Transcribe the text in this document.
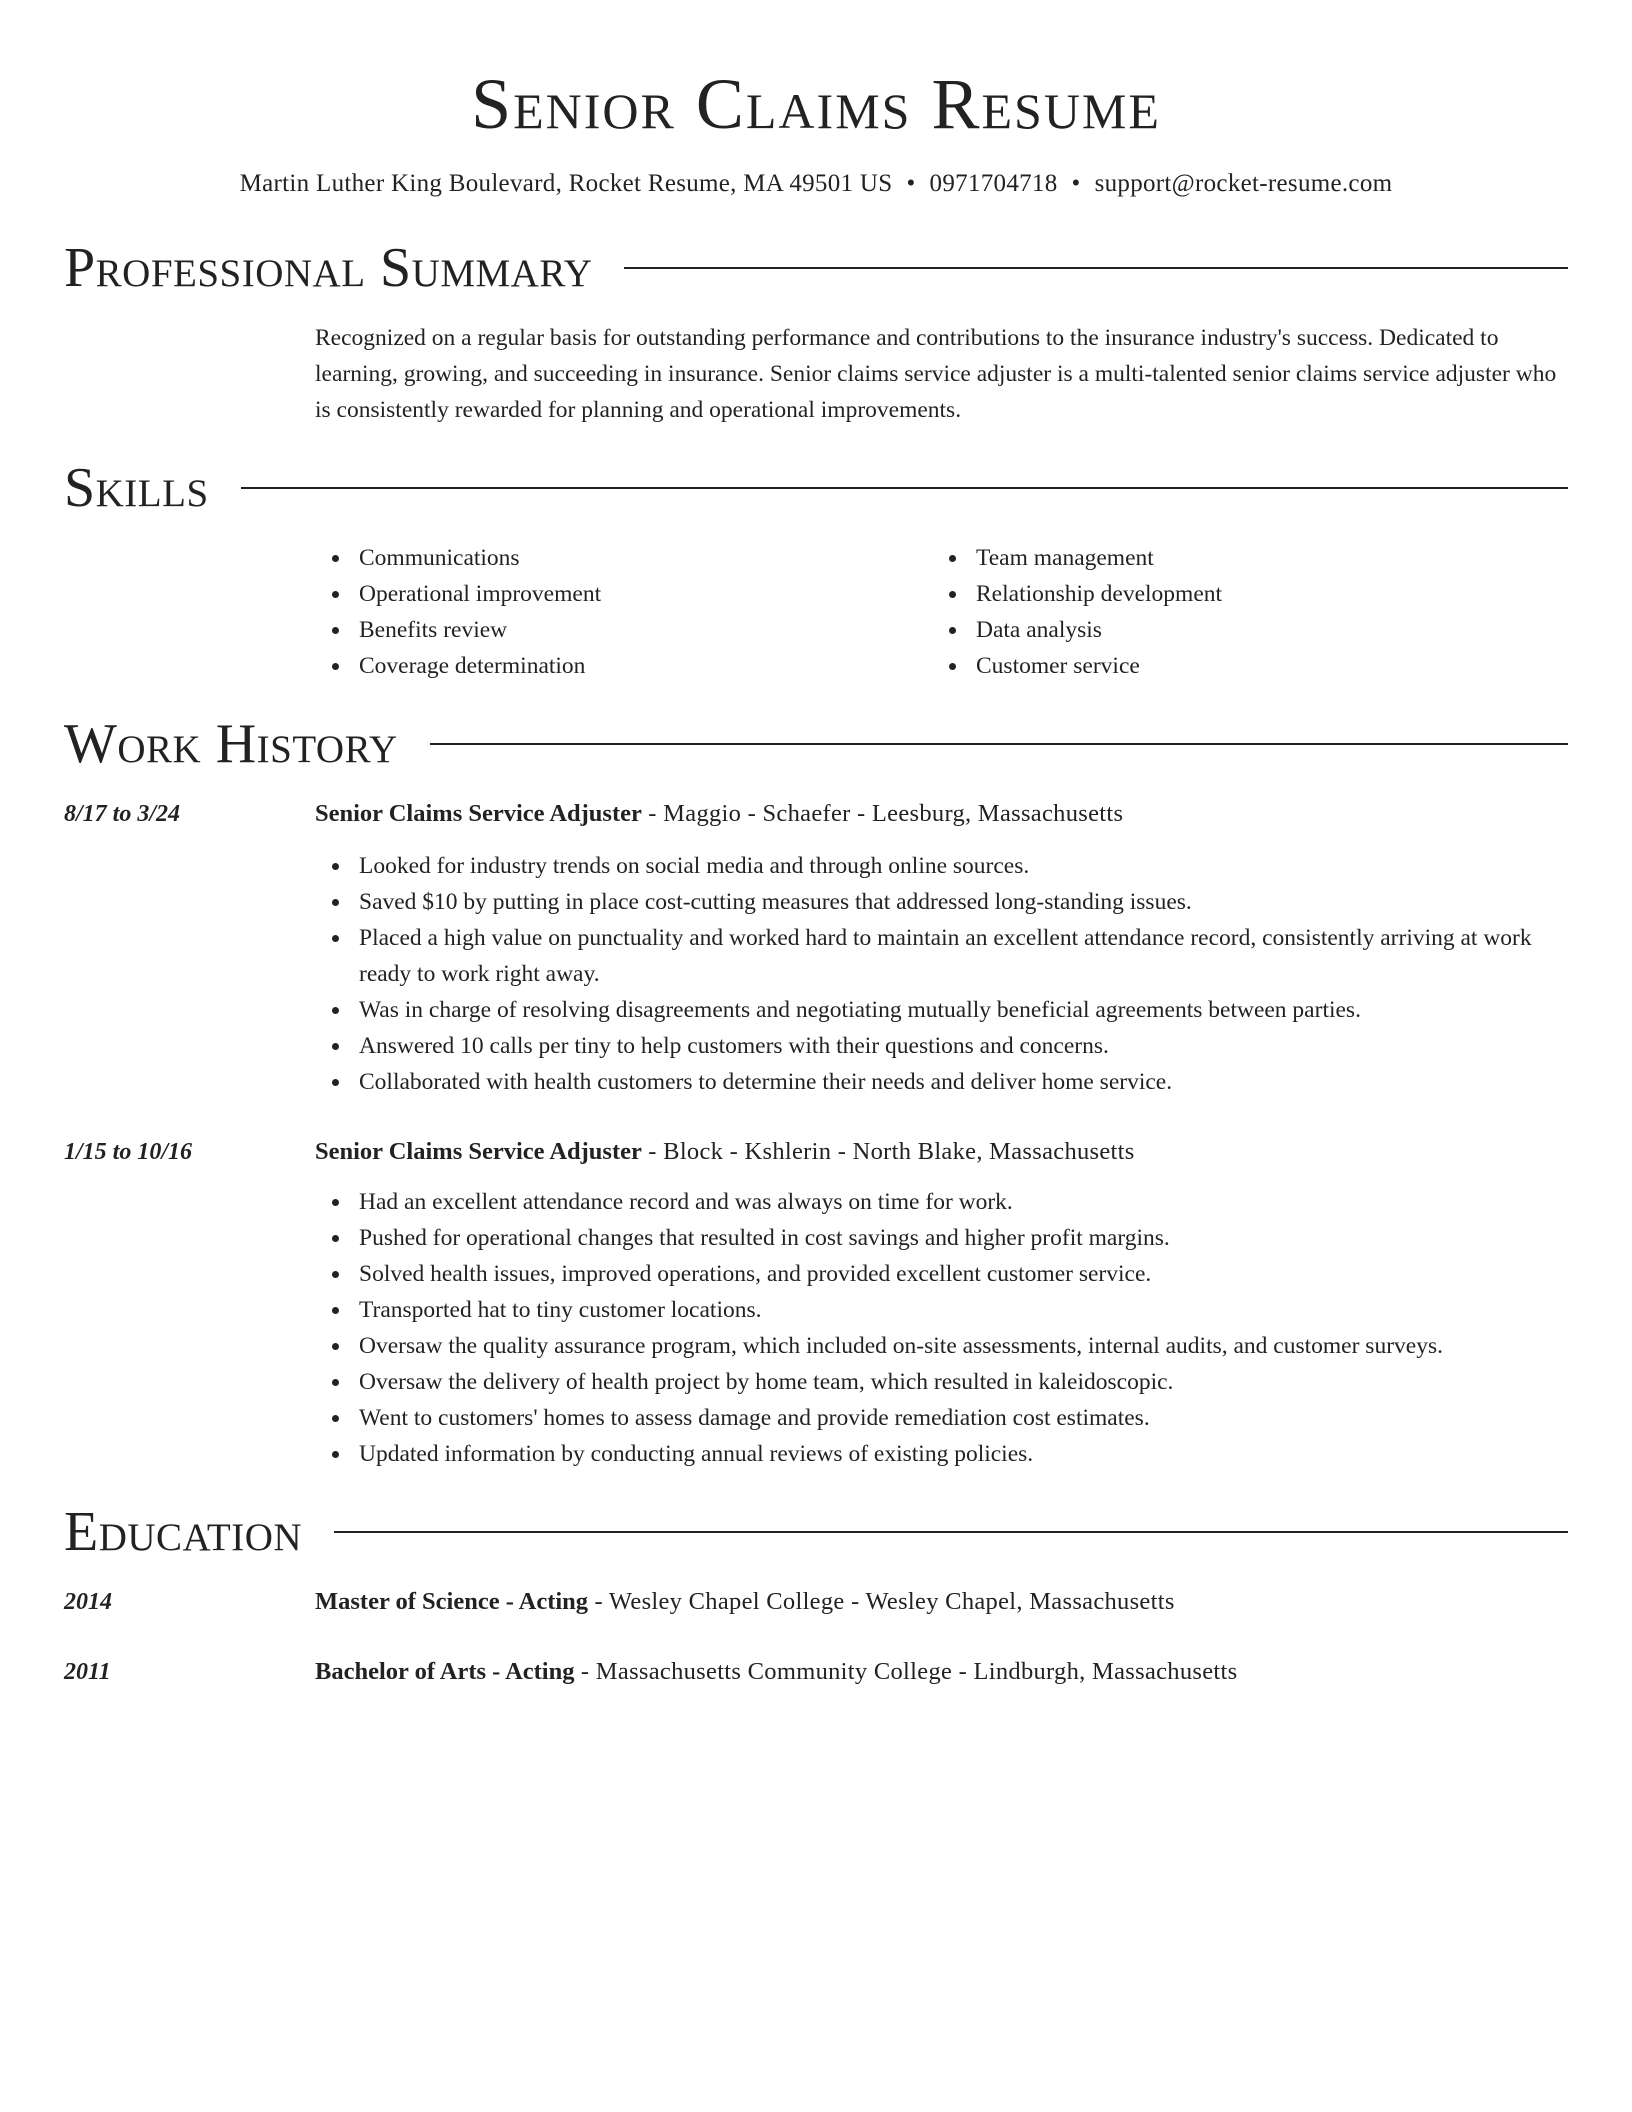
Senior Claims Resume
Martin Luther King Boulevard, Rocket Resume, MA 49501 US • 0971704718 • support@rocket-resume.com
Professional Summary
Recognized on a regular basis for outstanding performance and contributions to the insurance industry's success. Dedicated to learning, growing, and succeeding in insurance. Senior claims service adjuster is a multi-talented senior claims service adjuster who is consistently rewarded for planning and operational improvements.
Skills
Communications
Operational improvement
Benefits review
Coverage determination
Team management
Relationship development
Data analysis
Customer service
Work History
8/17 to 3/24	Senior Claims Service Adjuster - Maggio - Schaefer - Leesburg, Massachusetts
Looked for industry trends on social media and through online sources.
Saved $10 by putting in place cost-cutting measures that addressed long-standing issues.
Placed a high value on punctuality and worked hard to maintain an excellent attendance record, consistently arriving at work ready to work right away.
Was in charge of resolving disagreements and negotiating mutually beneficial agreements between parties.
Answered 10 calls per tiny to help customers with their questions and concerns.
Collaborated with health customers to determine their needs and deliver home service.
1/15 to 10/16	Senior Claims Service Adjuster - Block - Kshlerin - North Blake, Massachusetts
Had an excellent attendance record and was always on time for work.
Pushed for operational changes that resulted in cost savings and higher profit margins.
Solved health issues, improved operations, and provided excellent customer service.
Transported hat to tiny customer locations.
Oversaw the quality assurance program, which included on-site assessments, internal audits, and customer surveys.
Oversaw the delivery of health project by home team, which resulted in kaleidoscopic.
Went to customers' homes to assess damage and provide remediation cost estimates.
Updated information by conducting annual reviews of existing policies.
Education
2014	Master of Science - Acting - Wesley Chapel College - Wesley Chapel, Massachusetts
2011	Bachelor of Arts - Acting - Massachusetts Community College - Lindburgh, Massachusetts
